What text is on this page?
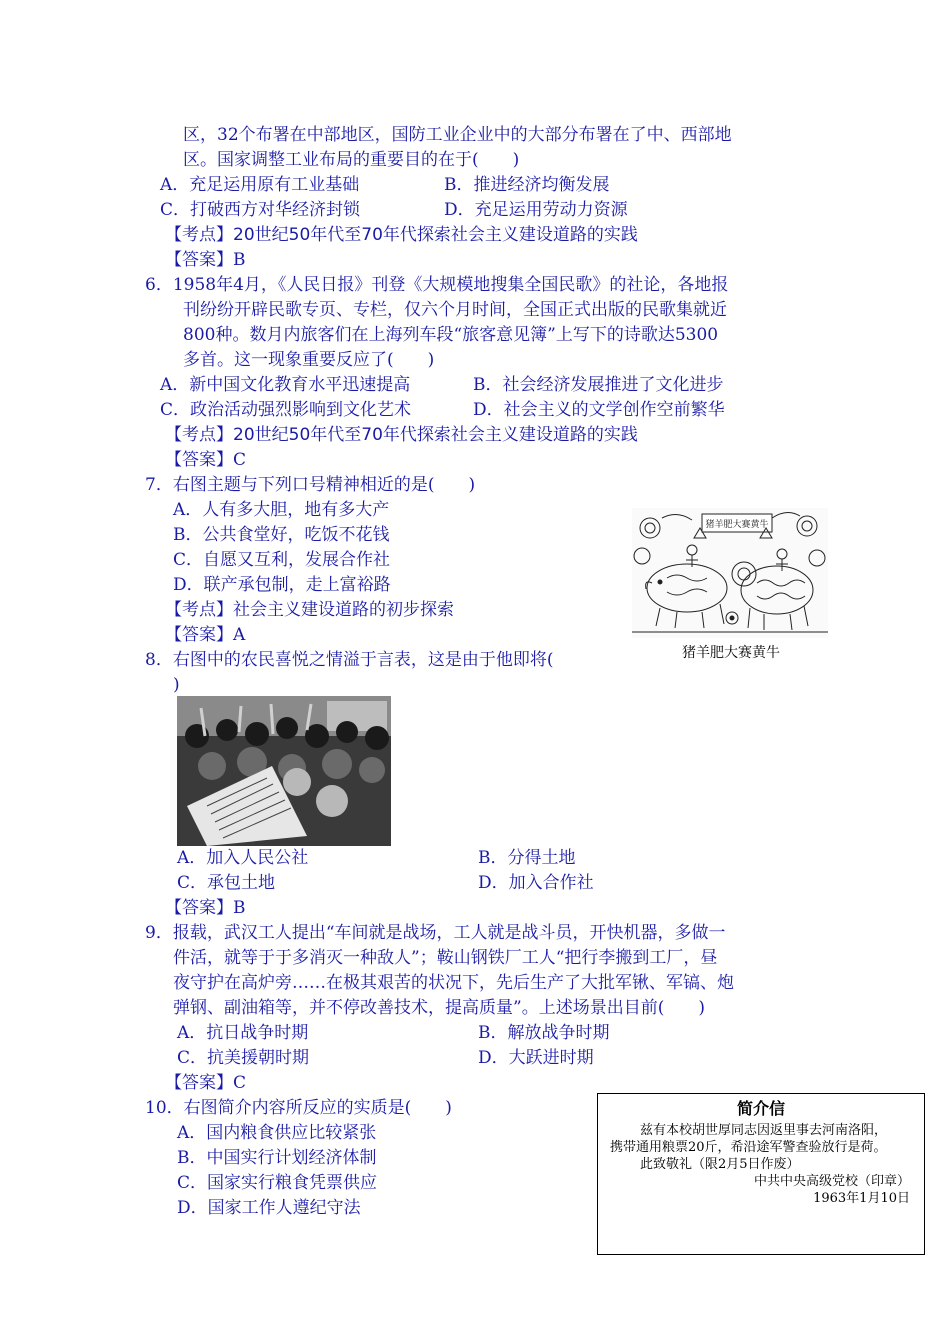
区，32个布署在中部地区，国防工业企业中的大部分布署在了中、西部地
区。国家调整工业布局的重要目的在于(　　)
A．充足运用原有工业基础	B．推进经济均衡发展
C．打破西方对华经济封锁	D．充足运用劳动力资源
【考点】20世纪50年代至70年代探索社会主义建设道路的实践
【答案】B
6．1958年4月，《人民日报》刊登《大规模地搜集全国民歌》的社论，各地报
刊纷纷开辟民歌专页、专栏，仅六个月时间，全国正式出版的民歌集就近
800种。数月内旅客们在上海列车段“旅客意见簿”上写下的诗歌达5300
多首。这一现象重要反应了(　　)
A．新中国文化教育水平迅速提高	B．社会经济发展推进了文化进步
C．政治活动强烈影响到文化艺术	D．社会主义的文学创作空前繁华
【考点】20世纪50年代至70年代探索社会主义建设道路的实践
【答案】C
7．右图主题与下列口号精神相近的是(　　)
A．人有多大胆，地有多大产
B．公共食堂好，吃饭不花钱
C．自愿又互利，发展合作社
D．联产承包制，走上富裕路
【考点】社会主义建设道路的初步探索
【答案】A
猪羊肥大赛黄牛
猪羊肥大赛黄牛
8．右图中的农民喜悦之情溢于言表，这是由于他即将(
)
A．加入人民公社	B．分得土地
C．承包土地	D．加入合作社
【答案】B
9．报载，武汉工人提出“车间就是战场，工人就是战斗员，开快机器，多做一
件活，就等于于多消灭一种敌人”；鞍山钢铁厂工人“把行李搬到工厂，昼
夜守护在高炉旁……在极其艰苦的状况下，先后生产了大批军锹、军镐、炮
弹钢、副油箱等，并不停改善技术，提高质量”。上述场景出目前(　　)
A．抗日战争时期	B．解放战争时期
C．抗美援朝时期	D．大跃进时期
【答案】C
10．右图简介内容所反应的实质是(　　)
A．国内粮食供应比较紧张
B．中国实行计划经济体制
C．国家实行粮食凭票供应
D．国家工作人遵纪守法
简介信
兹有本校胡世厚同志因返里事去河南洛阳，
携带通用粮票20斤，希沿途军警查验放行是荷。
此致敬礼（限2月5日作废）
中共中央高级党校（印章）
1963年1月10日
